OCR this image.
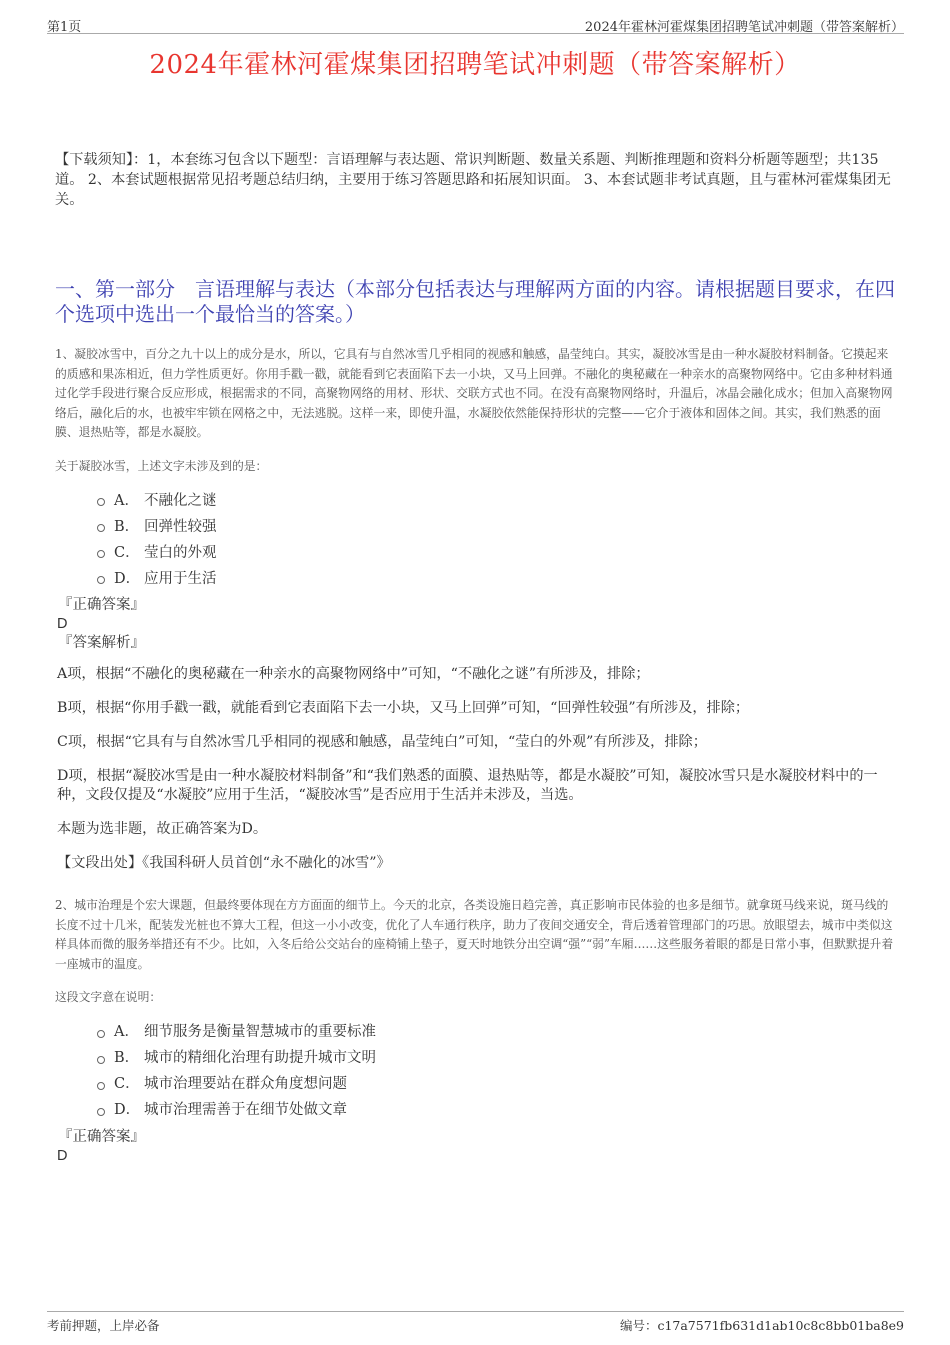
第1页	2024年霍林河霍煤集团招聘笔试冲刺题（带答案解析）
2024年霍林河霍煤集团招聘笔试冲刺题（带答案解析）
【下载须知】：1，本套练习包含以下题型：言语理解与表达题、常识判断题、数量关系题、判断推理题和资料分析题等题型；共135道。 2、本套试题根据常见招考题总结归纳，主要用于练习答题思路和拓展知识面。 3、本套试题非考试真题，且与霍林河霍煤集团无关。
一、第一部分　言语理解与表达（本部分包括表达与理解两方面的内容。请根据题目要求，在四个选项中选出一个最恰当的答案。）

1、凝胶冰雪中，百分之九十以上的成分是水，所以，它具有与自然冰雪几乎相同的视感和触感，晶莹纯白。其实，凝胶冰雪是由一种水凝胶材料制备。它摸起来的质感和果冻相近，但力学性质更好。你用手戳一戳，就能看到它表面陷下去一小块，又马上回弹。不融化的奥秘藏在一种亲水的高聚物网络中。它由多种材料通过化学手段进行聚合反应形成，根据需求的不同，高聚物网络的用材、形状、交联方式也不同。在没有高聚物网络时，升温后，冰晶会融化成水；但加入高聚物网络后，融化后的水，也被牢牢锁在网格之中，无法逃脱。这样一来，即使升温，水凝胶依然能保持形状的完整——它介于液体和固体之间。其实，我们熟悉的面膜、退热贴等，都是水凝胶。

关于凝胶冰雪，上述文字未涉及到的是：

A． 不融化之谜
B． 回弹性较强
C． 莹白的外观
D． 应用于生活
『正确答案』
D
『答案解析』

A项，根据“不融化的奥秘藏在一种亲水的高聚物网络中”可知，“不融化之谜”有所涉及，排除；

B项，根据“你用手戳一戳，就能看到它表面陷下去一小块，又马上回弹”可知，“回弹性较强”有所涉及，排除；

C项，根据“它具有与自然冰雪几乎相同的视感和触感，晶莹纯白”可知，“莹白的外观”有所涉及，排除；

D项，根据“凝胶冰雪是由一种水凝胶材料制备”和“我们熟悉的面膜、退热贴等，都是水凝胶”可知，凝胶冰雪只是水凝胶材料中的一种，文段仅提及“水凝胶”应用于生活，“凝胶冰雪”是否应用于生活并未涉及，当选。

本题为选非题，故正确答案为D。

【文段出处】《我国科研人员首创“永不融化的冰雪”》

2、城市治理是个宏大课题，但最终要体现在方方面面的细节上。今天的北京，各类设施日趋完善，真正影响市民体验的也多是细节。就拿斑马线来说，斑马线的长度不过十几米，配装发光桩也不算大工程，但这一小小改变，优化了人车通行秩序，助力了夜间交通安全，背后透着管理部门的巧思。放眼望去，城市中类似这样具体而微的服务举措还有不少。比如，入冬后给公交站台的座椅铺上垫子，夏天时地铁分出空调“强”“弱”车厢……这些服务着眼的都是日常小事，但默默提升着一座城市的温度。

这段文字意在说明：

A． 细节服务是衡量智慧城市的重要标准
B． 城市的精细化治理有助提升城市文明
C． 城市治理要站在群众角度想问题
D． 城市治理需善于在细节处做文章
『正确答案』
D
考前押题，上岸必备	编号：c17a7571fb631d1ab10c8c8bb01ba8e9
